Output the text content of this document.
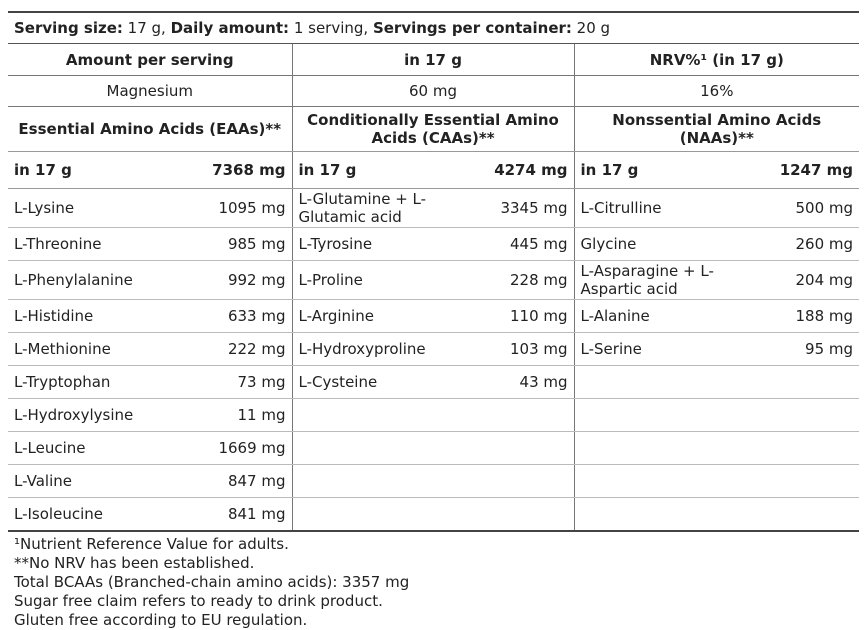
Serving size: 17 g, Daily amount: 1 serving, Servings per container: 20 g
Amount per serving		in 17 g		NRV%¹ (in 17 g)	
Magnesium		60 mg		16%	
Essential Amino Acids (EAAs)**		Conditionally Essential Amino Acids (CAAs)**		Nonssential Amino Acids (NAAs)**	
in 17 g	7368 mg	in 17 g	4274 mg	in 17 g	1247 mg
L-Lysine	1095 mg	L-Glutamine + L-Glutamic acid	3345 mg	L-Citrulline	500 mg
L-Threonine	985 mg	L-Tyrosine	445 mg	Glycine	260 mg
L-Phenylalanine	992 mg	L-Proline	228 mg	L-Asparagine + L-Aspartic acid	204 mg
L-Histidine	633 mg	L-Arginine	110 mg	L-Alanine	188 mg
L-Methionine	222 mg	L-Hydroxyproline	103 mg	L-Serine	95 mg
L-Tryptophan	73 mg	L-Cysteine	43 mg		
L-Hydroxylysine	11 mg				
L-Leucine	1669 mg				
L-Valine	847 mg				
L-Isoleucine	841 mg				
¹Nutrient Reference Value for adults.
**No NRV has been established.
Total BCAAs (Branched-chain amino acids): 3357 mg
Sugar free claim refers to ready to drink product.
Gluten free according to EU regulation.
